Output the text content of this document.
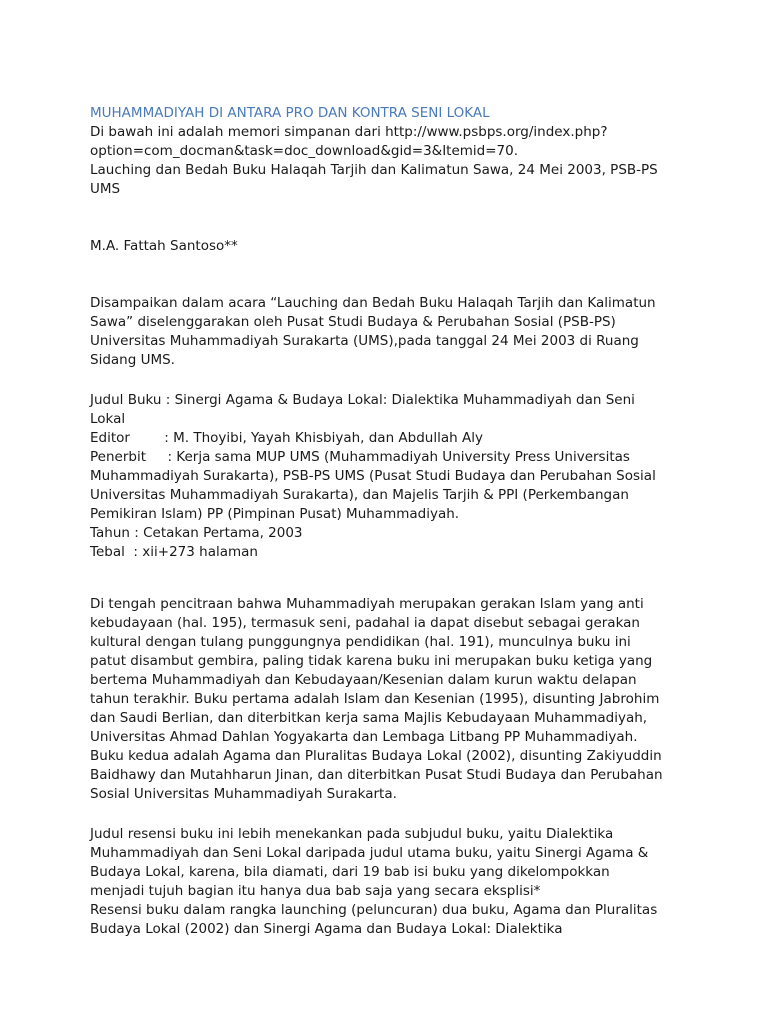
MUHAMMADIYAH DI ANTARA PRO DAN KONTRA SENI LOKAL
Di bawah ini adalah memori simpanan dari http://www.psbps.org/index.php?
option=com_docman&task=doc_download&gid=3&Itemid=70.
Lauching dan Bedah Buku Halaqah Tarjih dan Kalimatun Sawa, 24 Mei 2003, PSB-PS
UMS
M.A. Fattah Santoso**
Disampaikan dalam acara “Lauching dan Bedah Buku Halaqah Tarjih dan Kalimatun
Sawa” diselenggarakan oleh Pusat Studi Budaya & Perubahan Sosial (PSB-PS)
Universitas Muhammadiyah Surakarta (UMS),pada tanggal 24 Mei 2003 di Ruang
Sidang UMS.
Judul Buku : Sinergi Agama & Budaya Lokal: Dialektika Muhammadiyah dan Seni
Lokal
Editor        : M. Thoyibi, Yayah Khisbiyah, dan Abdullah Aly
Penerbit     : Kerja sama MUP UMS (Muhammadiyah University Press Universitas
Muhammadiyah Surakarta), PSB-PS UMS (Pusat Studi Budaya dan Perubahan Sosial
Universitas Muhammadiyah Surakarta), dan Majelis Tarjih & PPI (Perkembangan
Pemikiran Islam) PP (Pimpinan Pusat) Muhammadiyah.
Tahun : Cetakan Pertama, 2003
Tebal  : xii+273 halaman
Di tengah pencitraan bahwa Muhammadiyah merupakan gerakan Islam yang anti
kebudayaan (hal. 195), termasuk seni, padahal ia dapat disebut sebagai gerakan
kultural dengan tulang punggungnya pendidikan (hal. 191), munculnya buku ini
patut disambut gembira, paling tidak karena buku ini merupakan buku ketiga yang
bertema Muhammadiyah dan Kebudayaan/Kesenian dalam kurun waktu delapan
tahun terakhir. Buku pertama adalah Islam dan Kesenian (1995), disunting Jabrohim
dan Saudi Berlian, dan diterbitkan kerja sama Majlis Kebudayaan Muhammadiyah,
Universitas Ahmad Dahlan Yogyakarta dan Lembaga Litbang PP Muhammadiyah.
Buku kedua adalah Agama dan Pluralitas Budaya Lokal (2002), disunting Zakiyuddin
Baidhawy dan Mutahharun Jinan, dan diterbitkan Pusat Studi Budaya dan Perubahan
Sosial Universitas Muhammadiyah Surakarta.
Judul resensi buku ini lebih menekankan pada subjudul buku, yaitu Dialektika
Muhammadiyah dan Seni Lokal daripada judul utama buku, yaitu Sinergi Agama &
Budaya Lokal, karena, bila diamati, dari 19 bab isi buku yang dikelompokkan
menjadi tujuh bagian itu hanya dua bab saja yang secara eksplisi*
Resensi buku dalam rangka launching (peluncuran) dua buku, Agama dan Pluralitas
Budaya Lokal (2002) dan Sinergi Agama dan Budaya Lokal: Dialektika
